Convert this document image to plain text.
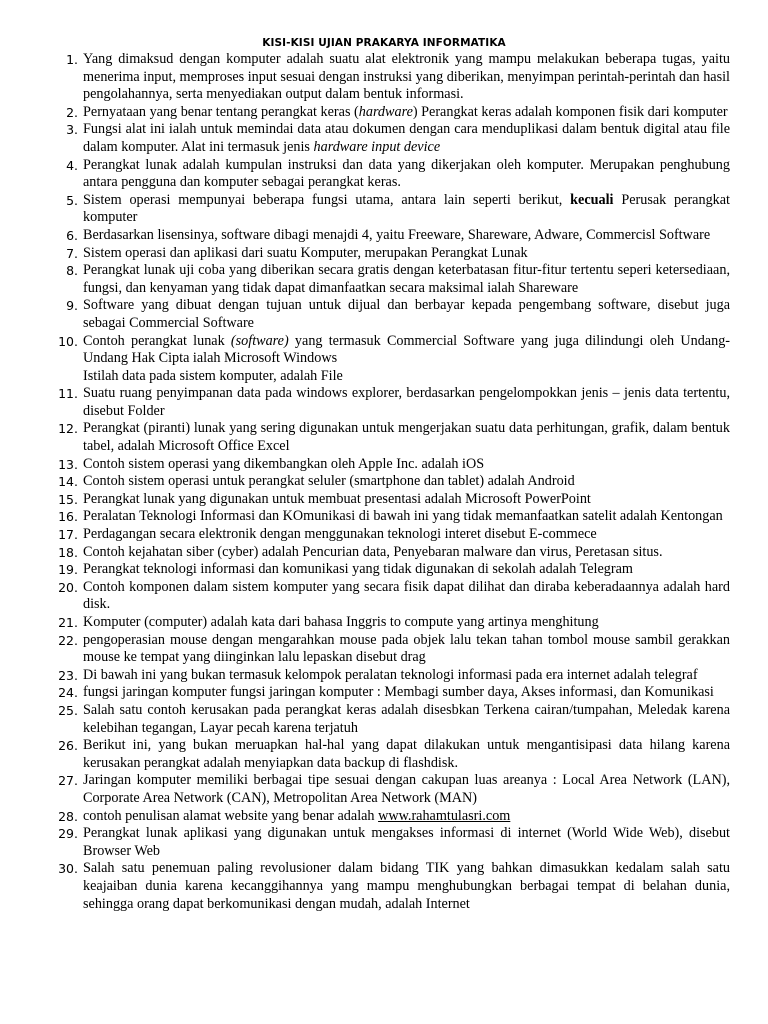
KISI-KISI UJIAN PRAKARYA INFORMATIKA
1. Yang dimaksud dengan komputer adalah suatu alat elektronik yang mampu melakukan beberapa tugas, yaitu menerima input, memproses input sesuai dengan instruksi yang diberikan, menyimpan perintah-perintah dan hasil pengolahannya, serta menyediakan output dalam bentuk informasi.
2. Pernyataan yang benar tentang perangkat keras (hardware) Perangkat keras adalah komponen fisik dari komputer
3. Fungsi alat ini ialah untuk memindai data atau dokumen dengan cara menduplikasi dalam bentuk digital atau file dalam komputer. Alat ini termasuk jenis hardware input device
4. Perangkat lunak adalah kumpulan instruksi dan data yang dikerjakan oleh komputer. Merupakan penghubung antara pengguna dan komputer sebagai perangkat keras.
5. Sistem operasi mempunyai beberapa fungsi utama, antara lain seperti berikut, kecuali Perusak perangkat komputer
6. Berdasarkan lisensinya, software dibagi menajdi 4, yaitu Freeware, Shareware, Adware, Commercisl Software
7. Sistem operasi dan aplikasi dari suatu Komputer, merupakan Perangkat Lunak
8. Perangkat lunak uji coba yang diberikan secara gratis dengan keterbatasan fitur-fitur tertentu seperi ketersediaan, fungsi, dan kenyaman yang tidak dapat dimanfaatkan secara maksimal ialah Shareware
9. Software yang dibuat dengan tujuan untuk dijual dan berbayar kepada pengembang software, disebut juga sebagai Commercial Software
10. Contoh perangkat lunak (software) yang termasuk Commercial Software yang juga dilindungi oleh Undang-Undang Hak Cipta ialah Microsoft Windows
Istilah data pada sistem komputer, adalah File
11. Suatu ruang penyimpanan data pada windows explorer, berdasarkan pengelompokkan jenis – jenis data tertentu, disebut Folder
12. Perangkat (piranti) lunak yang sering digunakan untuk mengerjakan suatu data perhitungan, grafik, dalam bentuk tabel, adalah Microsoft Office Excel
13. Contoh sistem operasi yang dikembangkan oleh Apple Inc. adalah iOS
14. Contoh sistem operasi untuk perangkat seluler (smartphone dan tablet) adalah Android
15. Perangkat lunak yang digunakan untuk membuat presentasi adalah Microsoft PowerPoint
16. Peralatan Teknologi Informasi dan KOmunikasi di bawah ini yang tidak memanfaatkan satelit adalah Kentongan
17. Perdagangan secara elektronik dengan menggunakan teknologi interet disebut E-commece
18. Contoh kejahatan siber (cyber) adalah Pencurian data, Penyebaran malware dan virus, Peretasan situs.
19. Perangkat teknologi informasi dan komunikasi yang tidak digunakan di sekolah adalah Telegram
20. Contoh komponen dalam sistem komputer yang secara fisik dapat dilihat dan diraba keberadaannya adalah hard disk.
21. Komputer (computer) adalah kata dari bahasa Inggris to compute yang artinya menghitung
22. pengoperasian mouse dengan mengarahkan mouse pada objek lalu tekan tahan tombol mouse sambil gerakkan mouse ke tempat yang diinginkan lalu lepaskan disebut drag
23. Di bawah ini yang bukan termasuk kelompok peralatan teknologi informasi pada era internet adalah telegraf
24. fungsi jaringan komputer fungsi jaringan komputer : Membagi sumber daya, Akses informasi, dan Komunikasi
25. Salah satu contoh kerusakan pada perangkat keras adalah disesbkan Terkena cairan/tumpahan, Meledak karena kelebihan tegangan, Layar pecah karena terjatuh
26. Berikut ini, yang bukan meruapkan hal-hal yang dapat dilakukan untuk mengantisipasi data hilang karena kerusakan perangkat adalah menyiapkan data backup di flashdisk.
27. Jaringan komputer memiliki berbagai tipe sesuai dengan cakupan luas areanya : Local Area Network (LAN), Corporate Area Network (CAN), Metropolitan Area Network (MAN)
28. contoh penulisan alamat website yang benar adalah www.rahamtulasri.com
29. Perangkat lunak aplikasi yang digunakan untuk mengakses informasi di internet (World Wide Web), disebut Browser Web
30. Salah satu penemuan paling revolusioner dalam bidang TIK yang bahkan dimasukkan kedalam salah satu keajaiban dunia karena kecanggihannya yang mampu menghubungkan berbagai tempat di belahan dunia, sehingga orang dapat berkomunikasi dengan mudah, adalah Internet
